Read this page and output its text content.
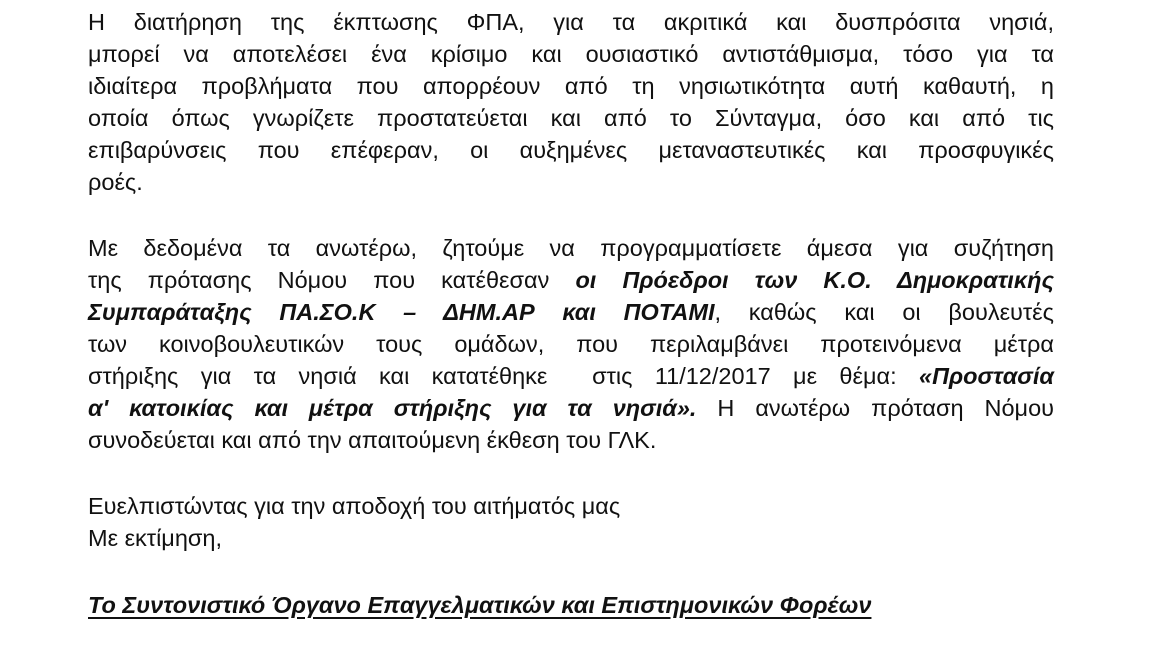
Η διατήρηση της έκπτωσης ΦΠΑ, για τα ακριτικά και δυσπρόσιτα νησιά,
μπορεί να αποτελέσει ένα κρίσιμο και ουσιαστικό αντιστάθμισμα, τόσο για τα
ιδιαίτερα προβλήματα που απορρέουν από τη νησιωτικότητα αυτή καθαυτή, η
οποία όπως γνωρίζετε προστατεύεται και από το Σύνταγμα, όσο και από τις
επιβαρύνσεις που επέφεραν, οι αυξημένες μεταναστευτικές και προσφυγικές
ροές.
Με δεδομένα τα ανωτέρω, ζητούμε να προγραμματίσετε άμεσα για συζήτηση
της πρότασης Νόμου που κατέθεσαν οι Πρόεδροι των Κ.Ο. Δημοκρατικής
Συμπαράταξης ΠΑ.ΣΟ.Κ – ΔΗΜ.ΑΡ και ΠΟΤΑΜΙ, καθώς και οι βουλευτές
των κοινοβουλευτικών τους ομάδων, που περιλαμβάνει προτεινόμενα μέτρα
στήριξης για τα νησιά και κατατέθηκε  στις 11/12/2017 με θέμα: «Προστασία
α' κατοικίας και μέτρα στήριξης για τα νησιά». Η ανωτέρω πρόταση Νόμου
συνοδεύεται και από την απαιτούμενη έκθεση του ΓΛΚ.
Ευελπιστώντας για την αποδοχή του αιτήματός μας
Με εκτίμηση,
Το Συντονιστικό Όργανο Επαγγελματικών και Επιστημονικών Φορέων
